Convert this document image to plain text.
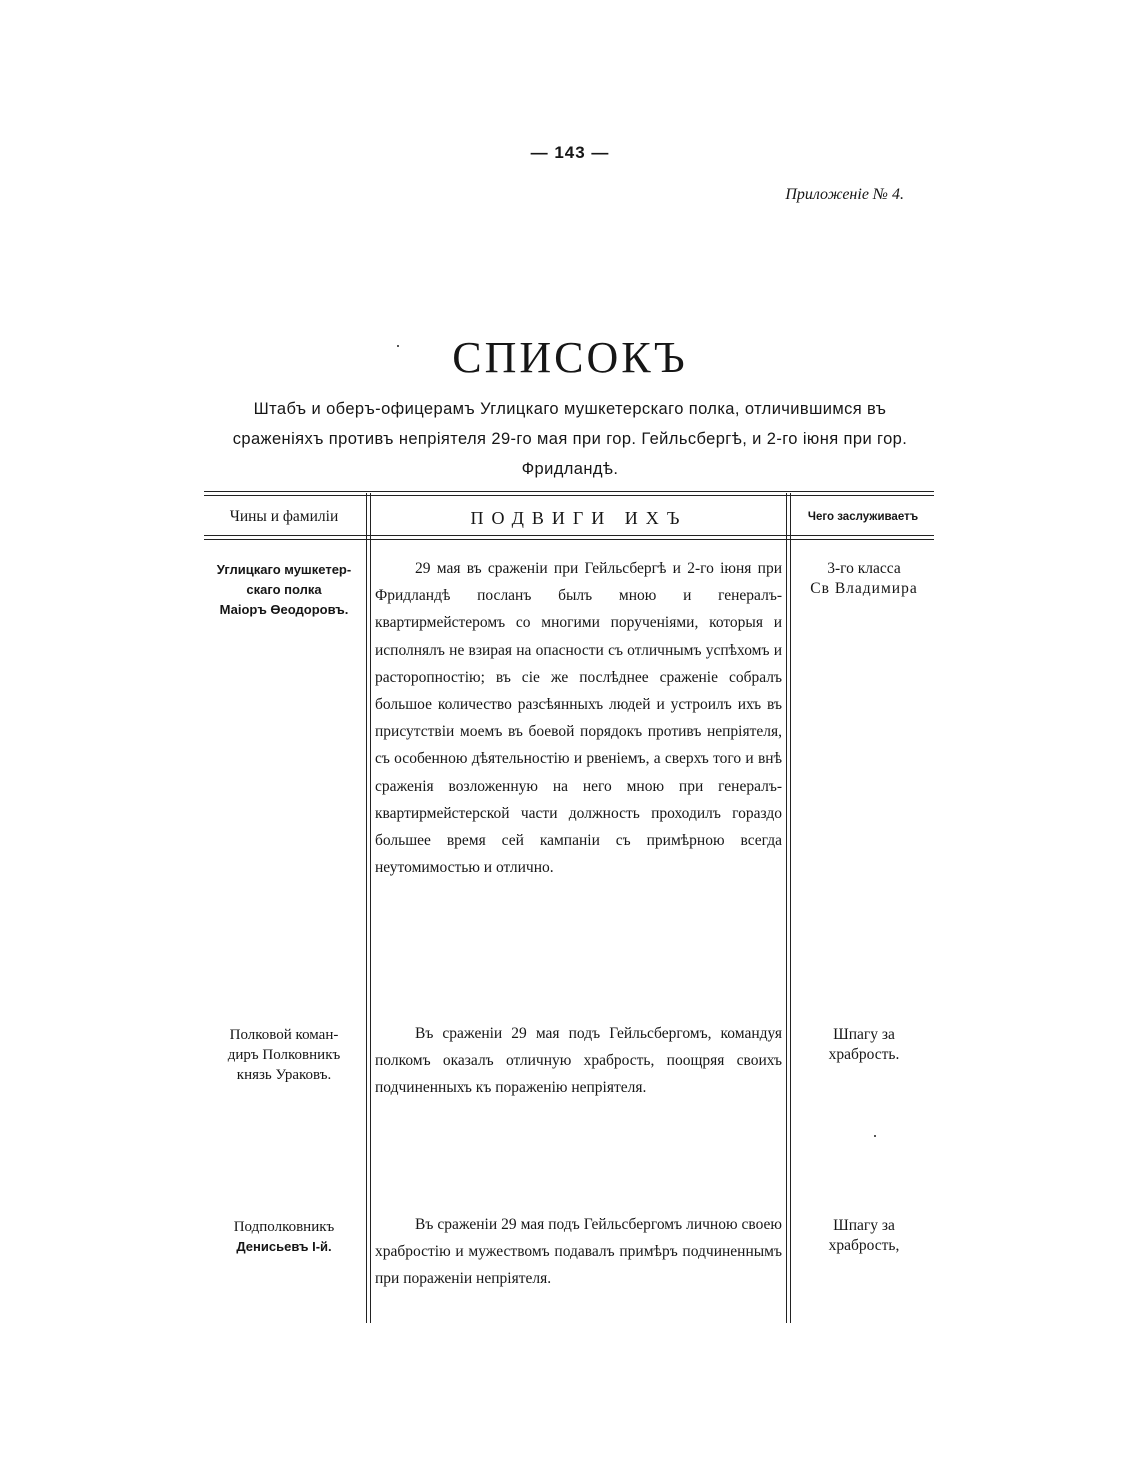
— 143 —
Приложеніе № 4.
СПИСОКЪ
Штабъ и оберъ-офицерамъ Углицкаго мушкетерскаго полка, отличившимся въ сраженіяхъ противъ непріятеля 29-го мая при гор. Гейльсбергѣ, и 2-го іюня при гор. Фридландѣ.
Чины и фамиліи	ПОДВИГИ ИХЪ	Чего заслуживаетъ
Углицкаго мушкетер-
скаго полка
Маіоръ Өеодоровъ.
29 мая въ сраженіи при Гейльсбергѣ и 2-го іюня при Фридландѣ посланъ былъ мною и генералъ-квартирмейстеромъ со многими порученіями, которыя и исполнялъ не взирая на опасности съ отличнымъ успѣхомъ и расторопностію; въ сіе же послѣднее сраженіе собралъ большое количество разсѣянныхъ людей и устроилъ ихъ въ присутствіи моемъ въ боевой порядокъ противъ непріятеля, съ особенною дѣятельностію и рвеніемъ, а сверхъ того и внѣ сраженія возложенную на него мною при генералъ-квартирмейстерской части должность проходилъ гораздо большее время сей кампаніи съ примѣрною всегда неутомимостью и отлично.
3-го класса
Св Владимира
Полковой коман-
диръ Полковникъ
князь Ураковъ.
Въ сраженіи 29 мая подъ Гейльсбергомъ, командуя полкомъ оказалъ отличную храбрость, поощряя своихъ подчиненныхъ къ пораженію непріятеля.
Шпагу за
храбрость.
Подполковникъ
Денисьевъ І-й.
Въ сраженіи 29 мая подъ Гейльсбергомъ личною своею храбростію и мужествомъ подавалъ примѣръ подчиненнымъ при пораженіи непріятеля.
Шпагу за
храбрость,
